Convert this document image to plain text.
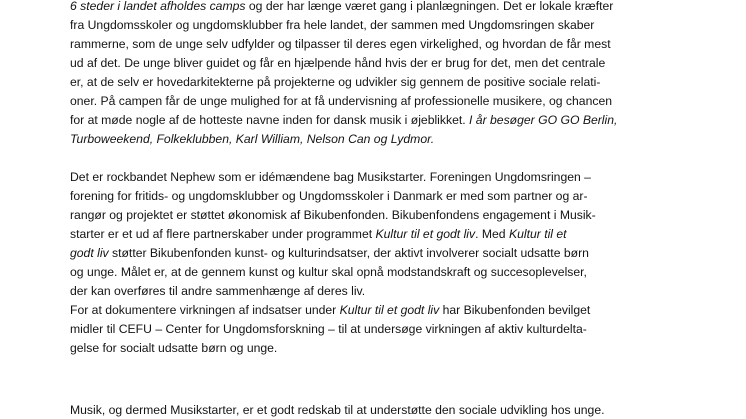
6 steder i landet afholdes camps og der har længe været gang i planlægningen. Det er lokale kræfter
fra Ungdomsskoler og ungdomsklubber fra hele landet, der sammen med Ungdomsringen skaber
rammerne, som de unge selv udfylder og tilpasser til deres egen virkelighed, og hvordan de får mest
ud af det. De unge bliver guidet og får en hjælpende hånd hvis der er brug for det, men det centrale
er, at de selv er hovedarkitekterne på projekterne og udvikler sig gennem de positive sociale relati-
oner. På campen får de unge mulighed for at få undervisning af professionelle musikere, og chancen
for at møde nogle af de hotteste navne inden for dansk musik i øjeblikket. I år besøger GO GO Berlin,
Turboweekend, Folkeklubben, Karl William, Nelson Can og Lydmor.
Det er rockbandet Nephew som er idémændene bag Musikstarter. Foreningen Ungdomsringen –
forening for fritids- og ungdomsklubber og Ungdomsskoler i Danmark er med som partner og ar-
rangør og projektet er støttet økonomisk af Bikubenfonden. Bikubenfondens engagement i Musik-
starter er et ud af flere partnerskaber under programmet Kultur til et godt liv. Med Kultur til et
godt liv støtter Bikubenfonden kunst- og kulturindsatser, der aktivt involverer socialt udsatte børn
og unge. Målet er, at de gennem kunst og kultur skal opnå modstandskraft og succesoplevelser,
der kan overføres til andre sammenhænge af deres liv.
For at dokumentere virkningen af indsatser under Kultur til et godt liv har Bikubenfonden bevilget
midler til CEFU – Center for Ungdomsforskning – til at undersøge virkningen af aktiv kulturdelta-
gelse for socialt udsatte børn og unge.
Musik, og dermed Musikstarter, er et godt redskab til at understøtte den sociale udvikling hos unge.
